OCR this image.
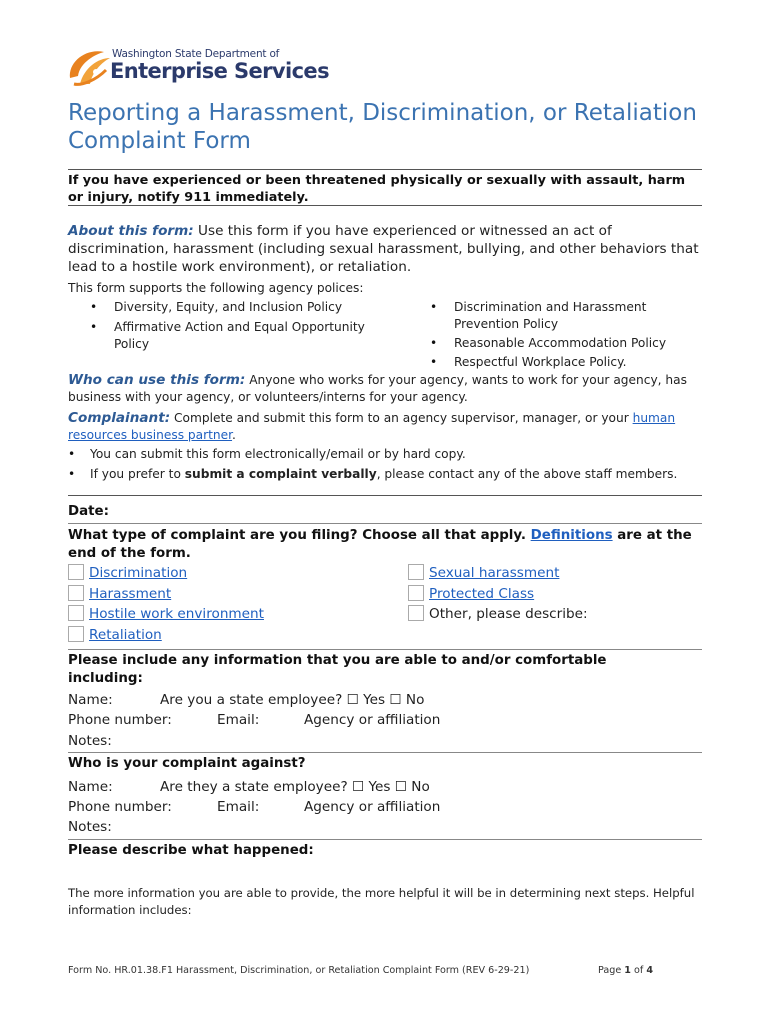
Washington State Department of
Enterprise Services
Reporting a Harassment, Discrimination, or Retaliation Complaint Form
If you have experienced or been threatened physically or sexually with assault, harm or injury, notify 911 immediately.
About this form: Use this form if you have experienced or witnessed an act of discrimination, harassment (including sexual harassment, bullying, and other behaviors that lead to a hostile work environment), or retaliation.
This form supports the following agency polices:
• Diversity, Equity, and Inclusion Policy
• Affirmative Action and Equal Opportunity Policy
• Discrimination and Harassment Prevention Policy
• Reasonable Accommodation Policy
• Respectful Workplace Policy.
Who can use this form: Anyone who works for your agency, wants to work for your agency, has business with your agency, or volunteers/interns for your agency.
Complainant: Complete and submit this form to an agency supervisor, manager, or your human resources business partner.
• You can submit this form electronically/email or by hard copy.
• If you prefer to submit a complaint verbally, please contact any of the above staff members.
Date:
What type of complaint are you filing? Choose all that apply. Definitions are at the end of the form.
Discrimination
Harassment
Hostile work environment
Retaliation
Sexual harassment
Protected Class
Other, please describe:
Please include any information that you are able to and/or comfortable including:
Name:	Are you a state employee? ☐ Yes ☐ No
Phone number:	Email:	Agency or affiliation
Notes:
Who is your complaint against?
Name:	Are they a state employee? ☐ Yes ☐ No
Phone number:	Email:	Agency or affiliation
Notes:
Please describe what happened:
The more information you are able to provide, the more helpful it will be in determining next steps. Helpful information includes:
Form No. HR.01.38.F1 Harassment, Discrimination, or Retaliation Complaint Form (REV 6-29-21)	Page 1 of 4
